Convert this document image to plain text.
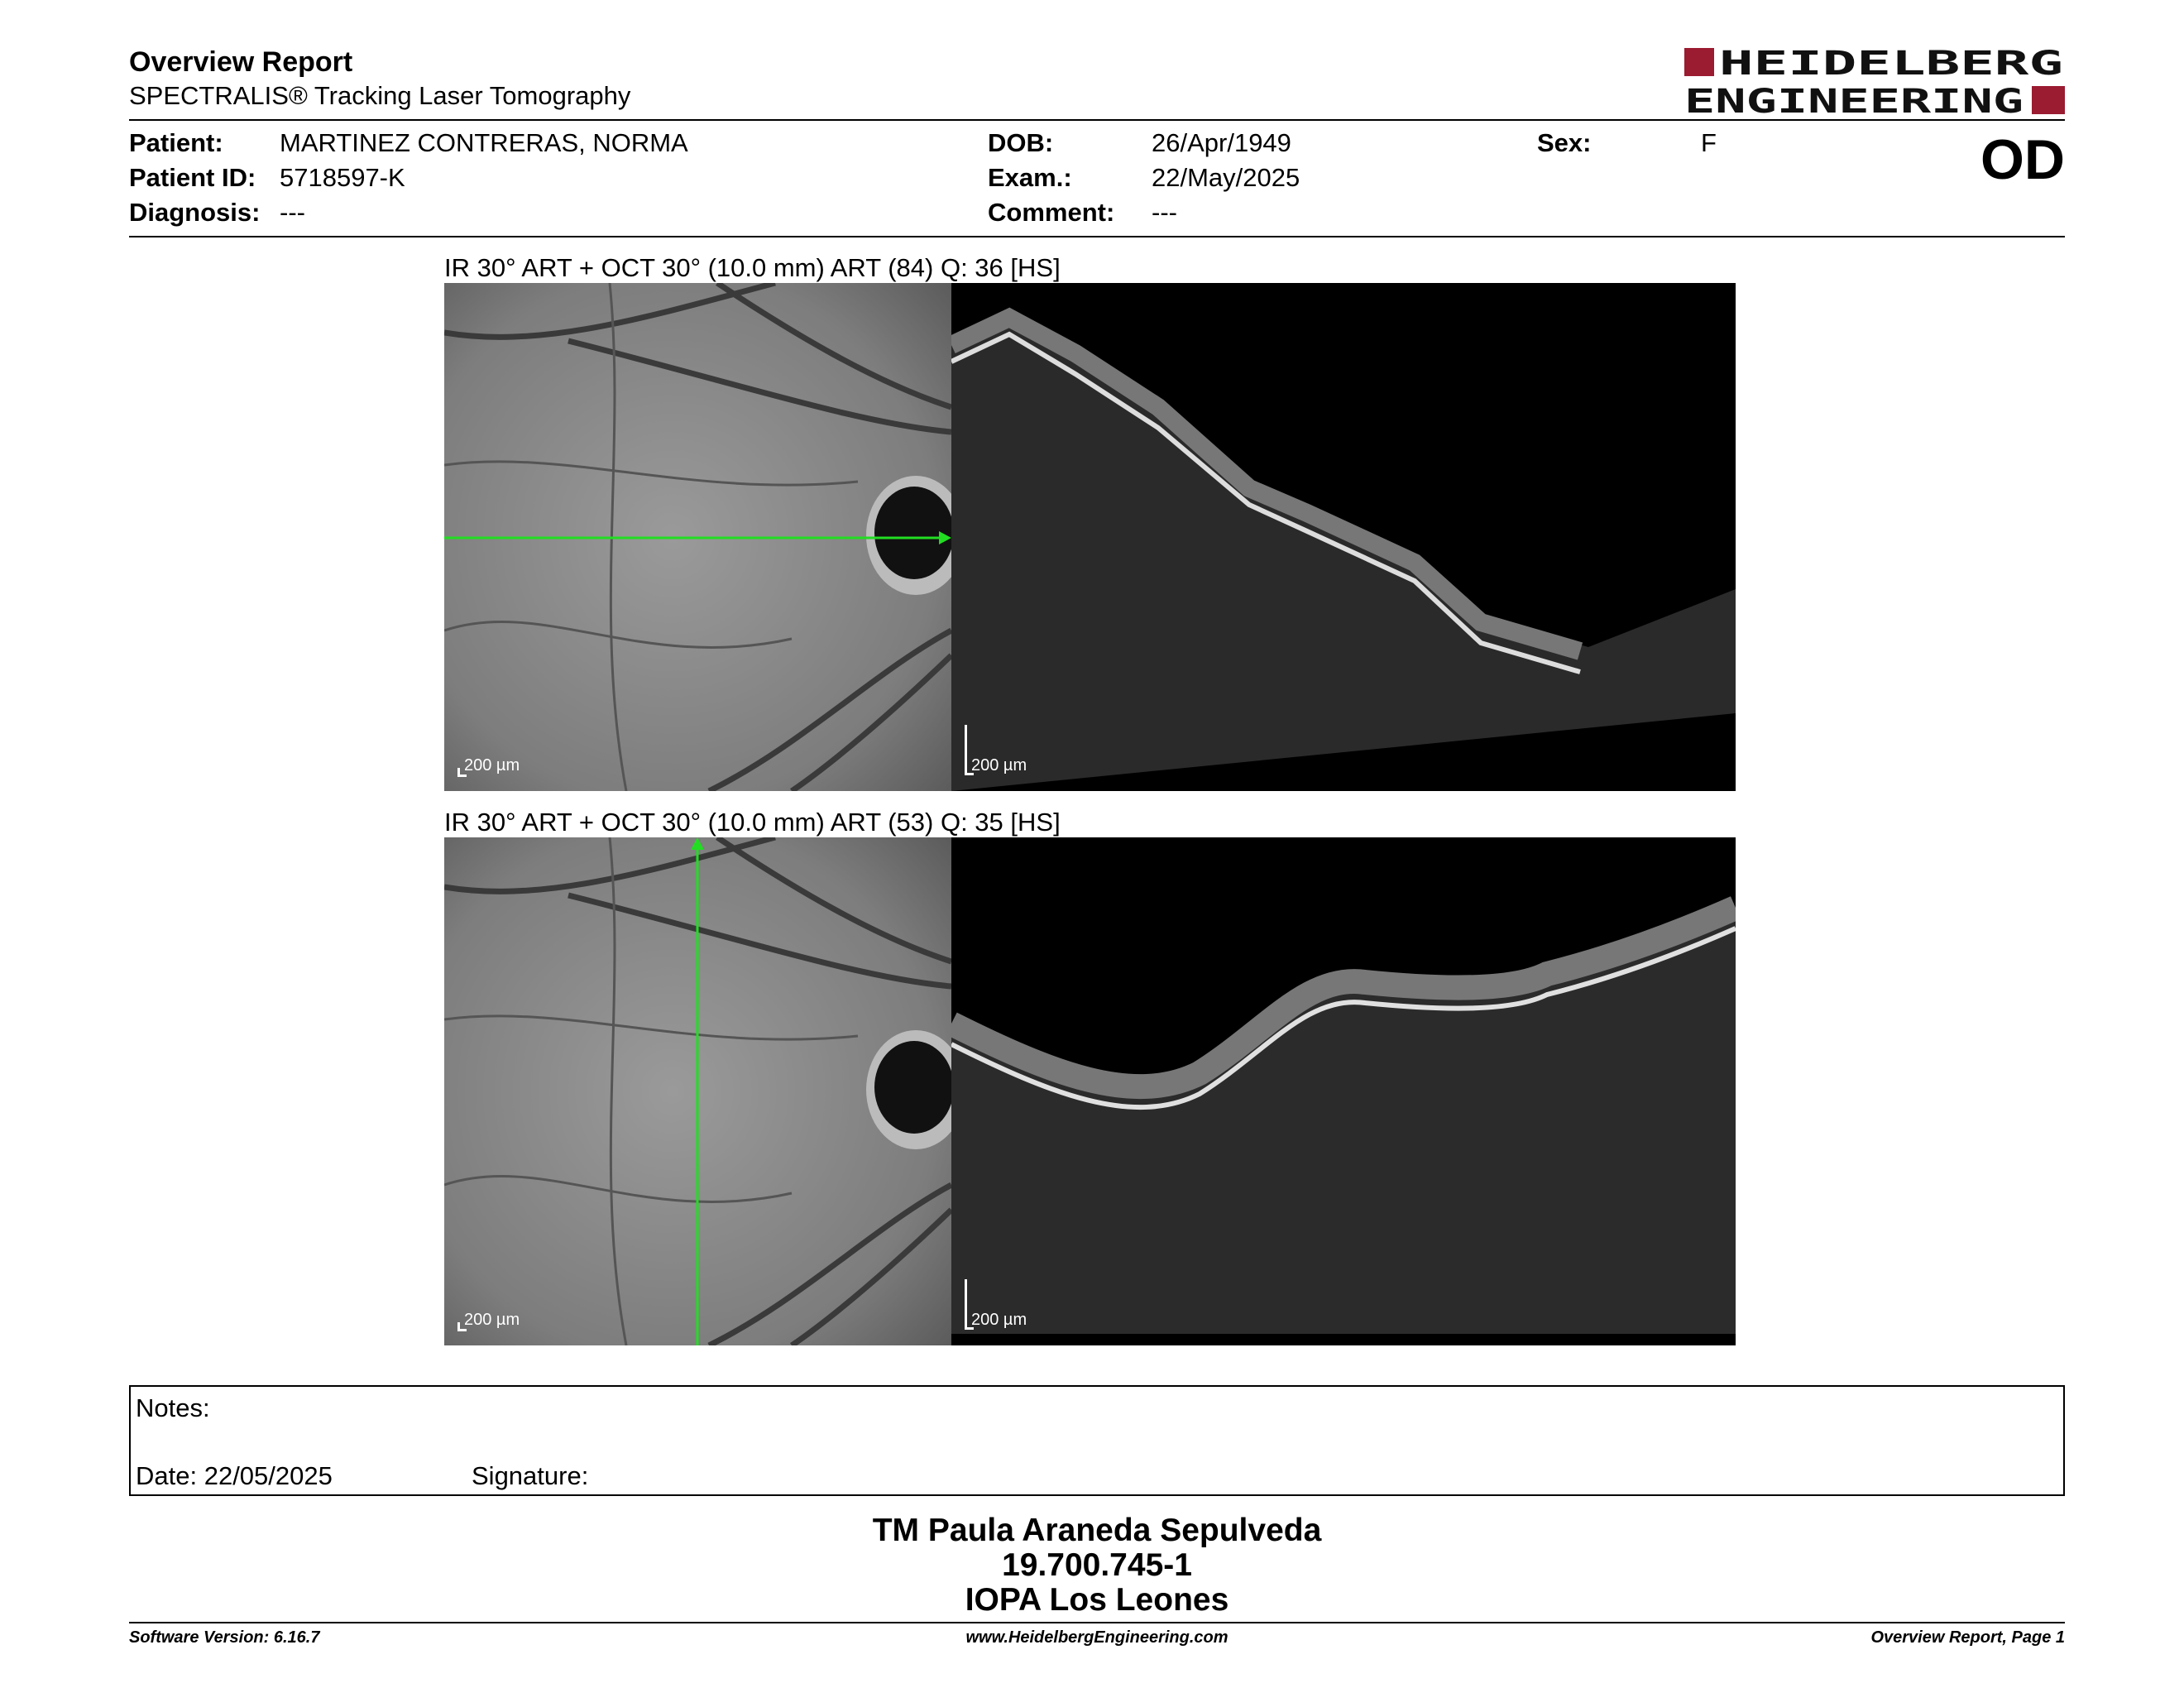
Overview Report
SPECTRALIS® Tracking Laser Tomography
HEIDELBERG
ENGINEERING
Patient: MARTINEZ CONTRERAS, NORMA
Patient ID: 5718597-K
Diagnosis: ---
DOB:	26/Apr/1949
Exam.:	22/May/2025
Comment: ---
Sex:	F	OD
IR 30° ART + OCT 30° (10.0 mm) ART (84) Q: 36 [HS]
200 µm	200 µm
IR 30° ART + OCT 30° (10.0 mm) ART (53) Q: 35 [HS]
200 µm	200 µm
Notes:
Date: 22/05/2025	Signature:
TM Paula Araneda Sepulveda
19.700.745-1
IOPA Los Leones
Software Version: 6.16.7	www.HeidelbergEngineering.com	Overview Report, Page 1
